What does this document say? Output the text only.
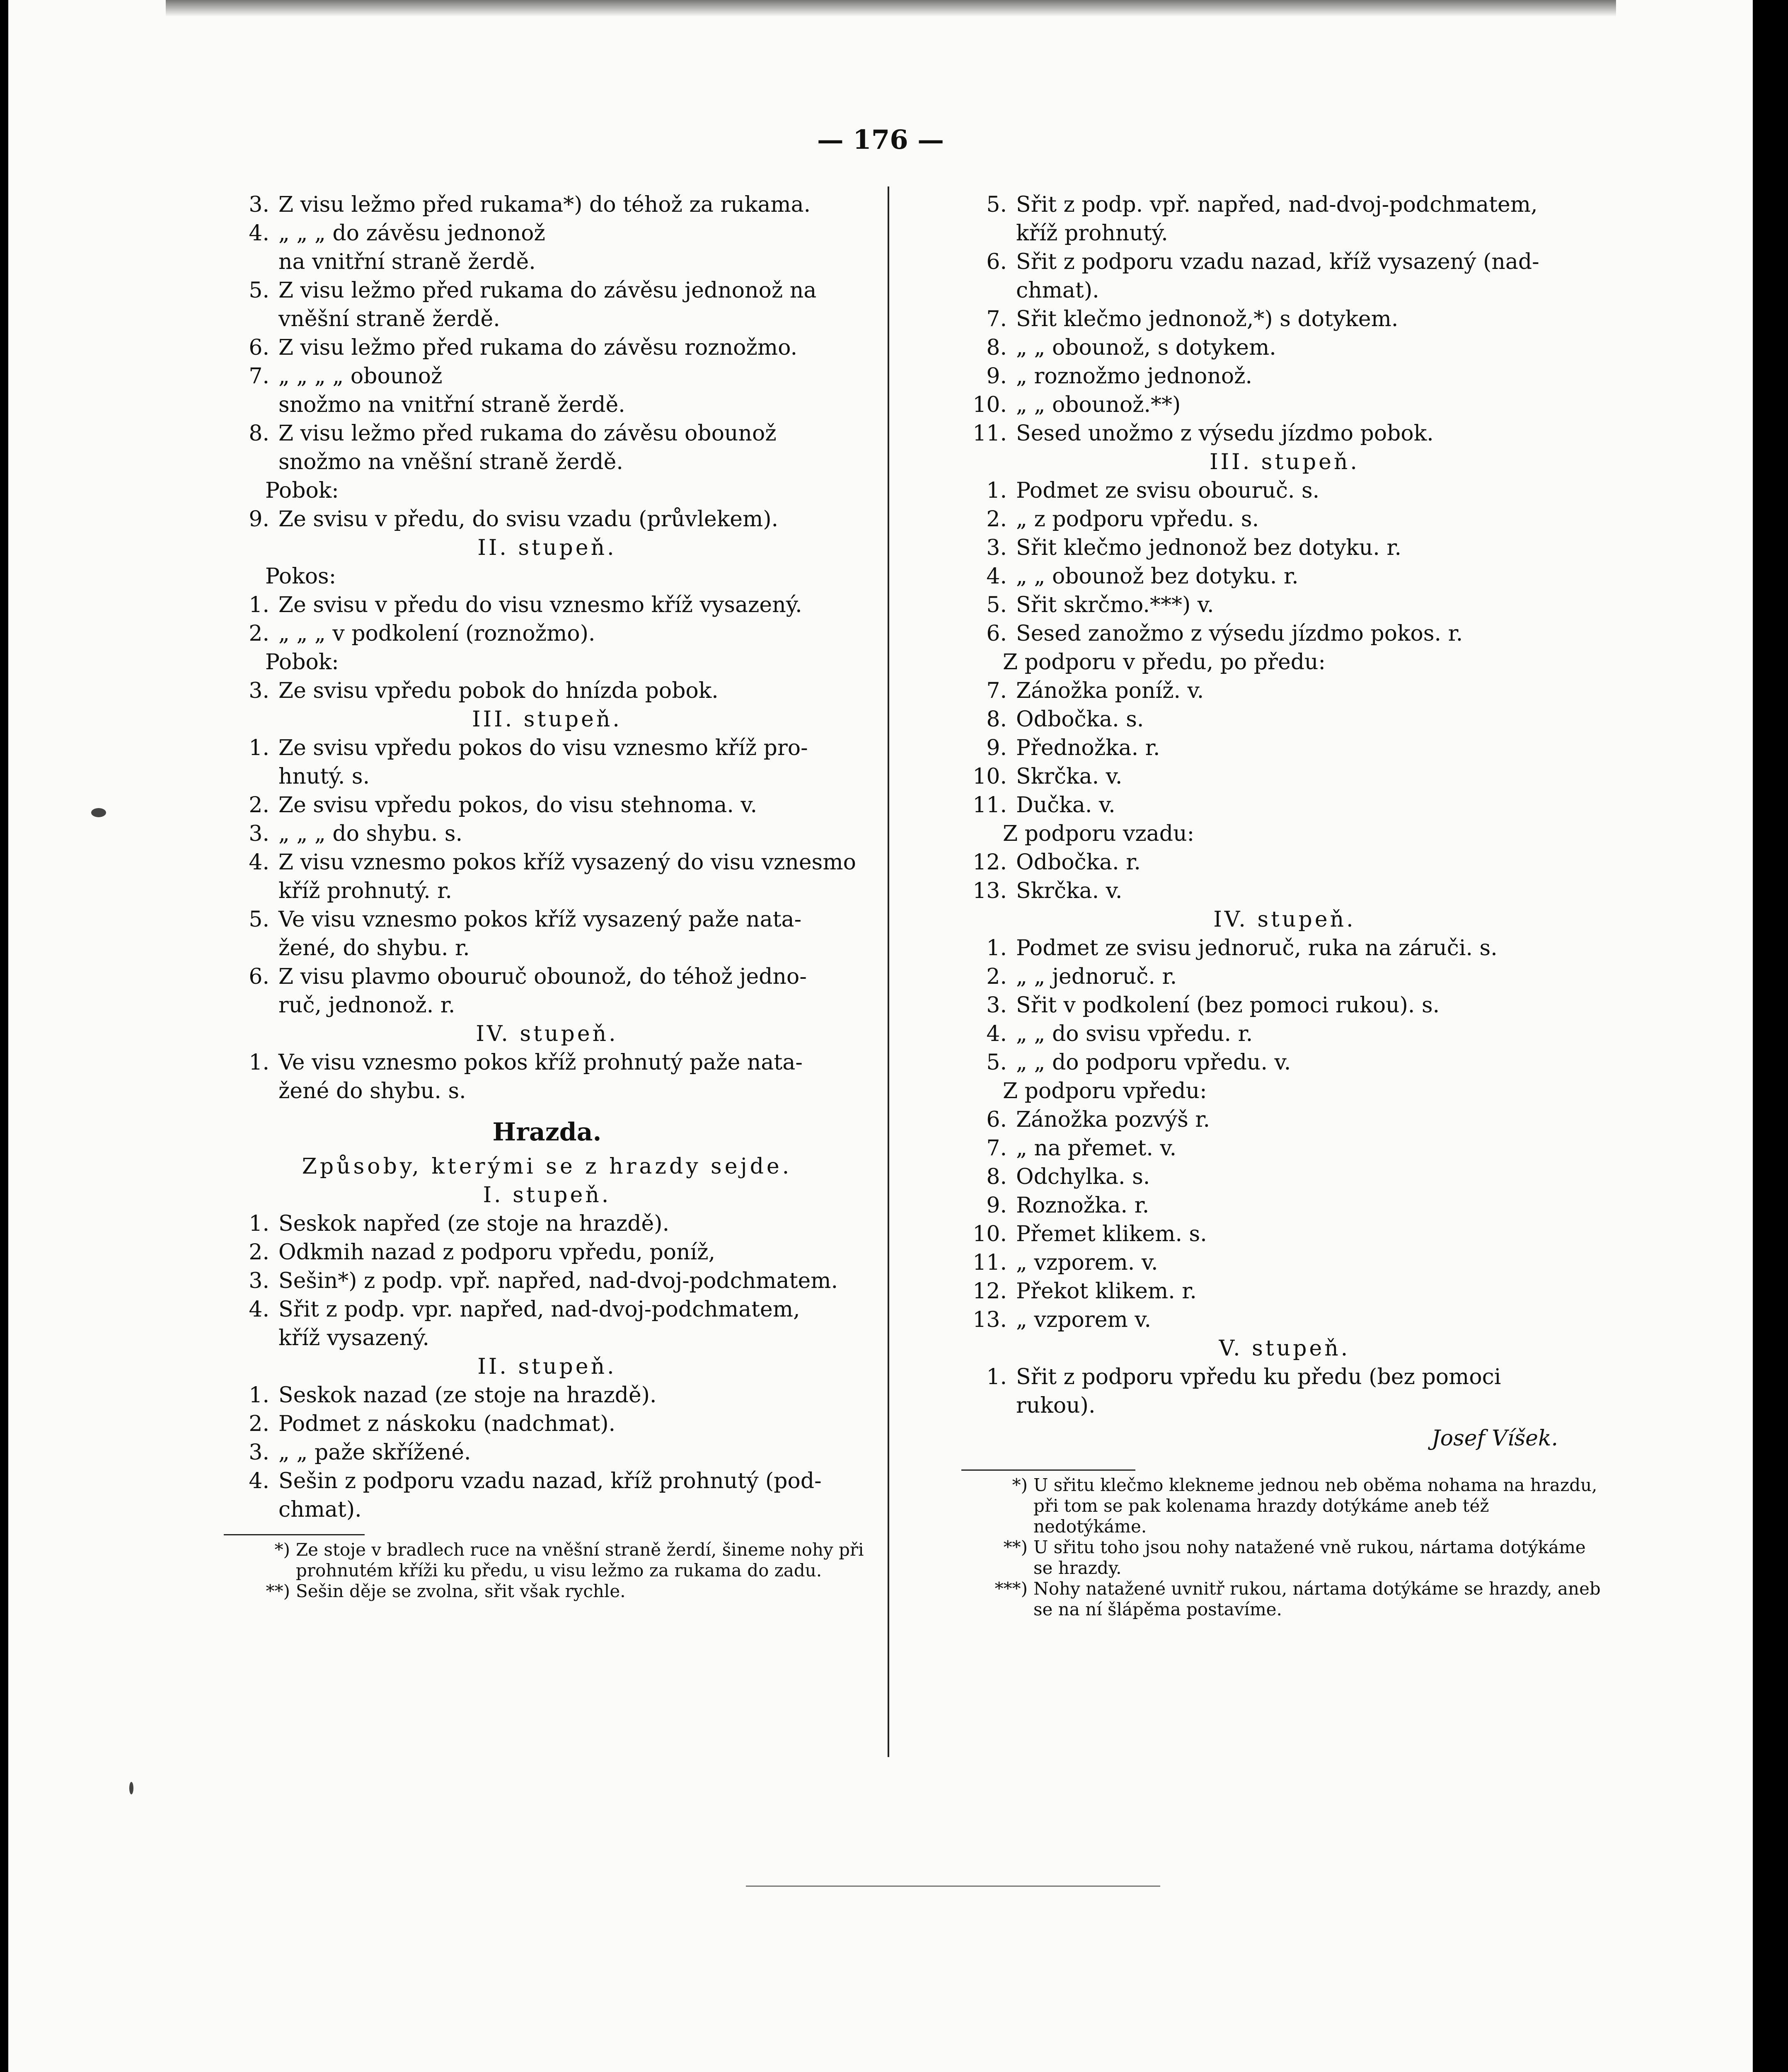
— 176 —
3. Z visu ležmo před rukama*) do téhož za rukama.
4. „ „ „ do závěsu jednonož
na vnitřní straně žerdě.
5. Z visu ležmo před rukama do závěsu jednonož na
vněšní straně žerdě.
6. Z visu ležmo před rukama do závěsu roznožmo.
7. „ „ „ „ obounož
snožmo na vnitřní straně žerdě.
8. Z visu ležmo před rukama do závěsu obounož
snožmo na vněšní straně žerdě.
Pobok:
9. Ze svisu v předu, do svisu vzadu (průvlekem).
II. stupeň.
Pokos:
1. Ze svisu v předu do visu vznesmo kříž vysazený.
2. „ „ „ v podkolení (roznožmo).
Pobok:
3. Ze svisu vpředu pobok do hnízda pobok.
III. stupeň.
1. Ze svisu vpředu pokos do visu vznesmo kříž pro-
hnutý. s.
2. Ze svisu vpředu pokos, do visu stehnoma. v.
3. „ „ „ do shybu. s.
4. Z visu vznesmo pokos kříž vysazený do visu vznesmo
kříž prohnutý. r.
5. Ve visu vznesmo pokos kříž vysazený paže nata-
žené, do shybu. r.
6. Z visu plavmo obouruč obounož, do téhož jedno-
ruč, jednonož. r.
IV. stupeň.
1. Ve visu vznesmo pokos kříž prohnutý paže nata-
žené do shybu. s.
Hrazda.
Způsoby, kterými se z hrazdy sejde.
I. stupeň.
1. Seskok napřed (ze stoje na hrazdě).
2. Odkmih nazad z podporu vpředu, poníž,
3. Sešin*) z podp. vpř. napřed, nad-dvoj-podchmatem.
4. Sřit z podp. vpr. napřed, nad-dvoj-podchmatem,
kříž vysazený.
II. stupeň.
1. Seskok nazad (ze stoje na hrazdě).
2. Podmet z náskoku (nadchmat).
3. „ „ paže skřížené.
4. Sešin z podporu vzadu nazad, kříž prohnutý (pod-
chmat).
*) Ze stoje v bradlech ruce na vněšní straně žerdí, šineme nohy při prohnutém kříži ku předu, u visu ležmo za rukama do zadu.
**) Sešin děje se zvolna, sřit však rychle.
5. Sřit z podp. vpř. napřed, nad-dvoj-podchmatem,
kříž prohnutý.
6. Sřit z podporu vzadu nazad, kříž vysazený (nad-
chmat).
7. Sřit klečmo jednonož,*) s dotykem.
8. „ „ obounož, s dotykem.
9. „ roznožmo jednonož.
10. „ „ obounož.**)
11. Sesed unožmo z výsedu jízdmo pobok.
III. stupeň.
1. Podmet ze svisu obouruč. s.
2. „ z podporu vpředu. s.
3. Sřit klečmo jednonož bez dotyku. r.
4. „ „ obounož bez dotyku. r.
5. Sřit skrčmo.***) v.
6. Sesed zanožmo z výsedu jízdmo pokos. r.
Z podporu v předu, po předu:
7. Zánožka poníž. v.
8. Odbočka. s.
9. Přednožka. r.
10. Skrčka. v.
11. Dučka. v.
Z podporu vzadu:
12. Odbočka. r.
13. Skrčka. v.
IV. stupeň.
1. Podmet ze svisu jednoruč, ruka na záruči. s.
2. „ „ jednoruč. r.
3. Sřit v podkolení (bez pomoci rukou). s.
4. „ „ do svisu vpředu. r.
5. „ „ do podporu vpředu. v.
Z podporu vpředu:
6. Zánožka pozvýš r.
7. „ na přemet. v.
8. Odchylka. s.
9. Roznožka. r.
10. Přemet klikem. s.
11. „ vzporem. v.
12. Překot klikem. r.
13. „ vzporem v.
V. stupeň.
1. Sřit z podporu vpředu ku předu (bez pomoci
rukou).
Josef Víšek.
*) U sřitu klečmo klekneme jednou neb oběma nohama na hrazdu, při tom se pak kolenama hrazdy dotýkáme aneb též nedotýkáme.
**) U sřitu toho jsou nohy natažené vně rukou, nártama dotýkáme se hrazdy.
***) Nohy natažené uvnitř rukou, nártama dotýkáme se hrazdy, aneb se na ní šlápěma postavíme.
